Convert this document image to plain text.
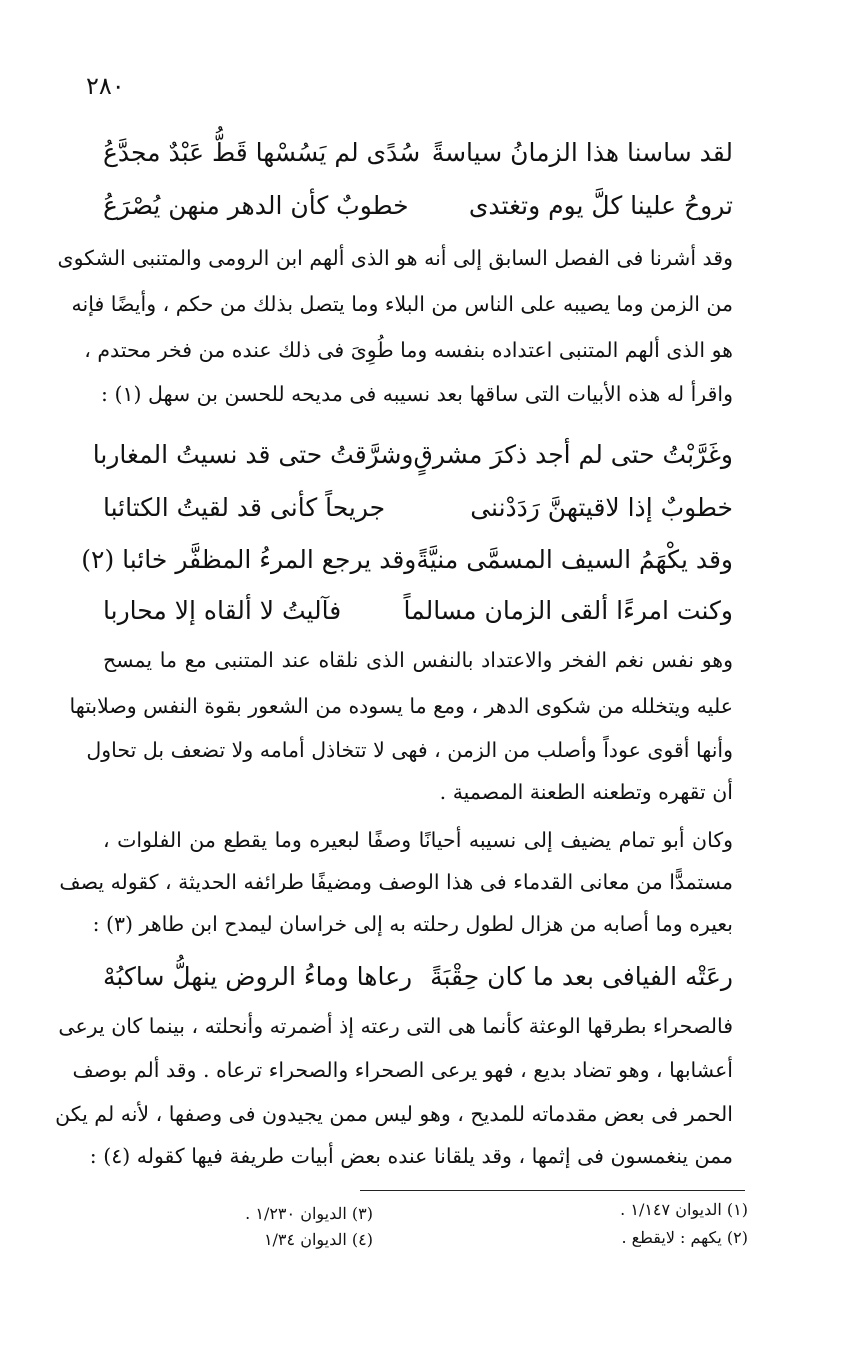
٢٨٠
لقد ساسنا هذا الزمانُ سياسةً
سُدًى لم يَسُسْها قَطُّ عَبْدٌ مجدَّعُ
تروحُ علينا كلَّ يوم وتغتدى
خطوبٌ كأن الدهر منهن يُصْرَعُ
وقد أشرنا فى الفصل السابق إلى أنه هو الذى ألهم ابن الرومى والمتنبى الشكوى
من الزمن وما يصيبه على الناس من البلاء وما يتصل بذلك من حكم ، وأيضًا فإنه
هو الذى ألهم المتنبى اعتداده بنفسه وما طُوِىَ فى ذلك عنده من فخر محتدم ،
واقرأ له هذه الأبيات التى ساقها بعد نسيبه فى مديحه للحسن بن سهل (١) :
وغَرَّبْتُ حتى لم أجد ذكرَ مشرقٍ
وشرَّقتُ حتى قد نسيتُ المغاربا
خطوبٌ إذا لاقيتهنَّ رَدَدْننى
جريحاً كأنى قد لقيتُ الكتائبا
وقد يكْهَمُ السيف المسمَّى منيَّةً
وقد يرجع المرءُ المظفَّر خائبا (٢)
وكنت امرءًا ألقى الزمان مسالماً
فآليتُ لا ألقاه إلا محاربا
وهو نفس نغم الفخر والاعتداد بالنفس الذى نلقاه عند المتنبى مع ما يمسح
عليه ويتخلله من شكوى الدهر ، ومع ما يسوده من الشعور بقوة النفس وصلابتها
وأنها أقوى عوداً وأصلب من الزمن ، فهى لا تتخاذل أمامه ولا تضعف بل تحاول
أن تقهره وتطعنه الطعنة المصمية .
وكان أبو تمام يضيف إلى نسيبه أحيانًا وصفًا لبعيره وما يقطع من الفلوات ،
مستمدًّا من معانى القدماء فى هذا الوصف ومضيفًا طرائفه الحديثة ، كقوله يصف
بعيره وما أصابه من هزال لطول رحلته به إلى خراسان ليمدح ابن طاهر (٣) :
رعَتْه الفيافى بعد ما كان حِقْبَةً
رعاها وماءُ الروض ينهلُّ ساكبُهْ
فالصحراء بطرقها الوعثة كأنما هى التى رعته إذ أضمرته وأنحلته ، بينما كان يرعى
أعشابها ، وهو تضاد بديع ، فهو يرعى الصحراء والصحراء ترعاه . وقد ألم بوصف
الحمر فى بعض مقدماته للمديح ، وهو ليس ممن يجيدون فى وصفها ، لأنه لم يكن
ممن ينغمسون فى إثمها ، وقد يلقانا عنده بعض أبيات طريفة فيها كقوله (٤) :
(١) الديوان ١/١٤٧ .
(٢) يكهم : لايقطع .
(٣) الديوان ١/٢٣٠ .
(٤) الديوان ١/٣٤
